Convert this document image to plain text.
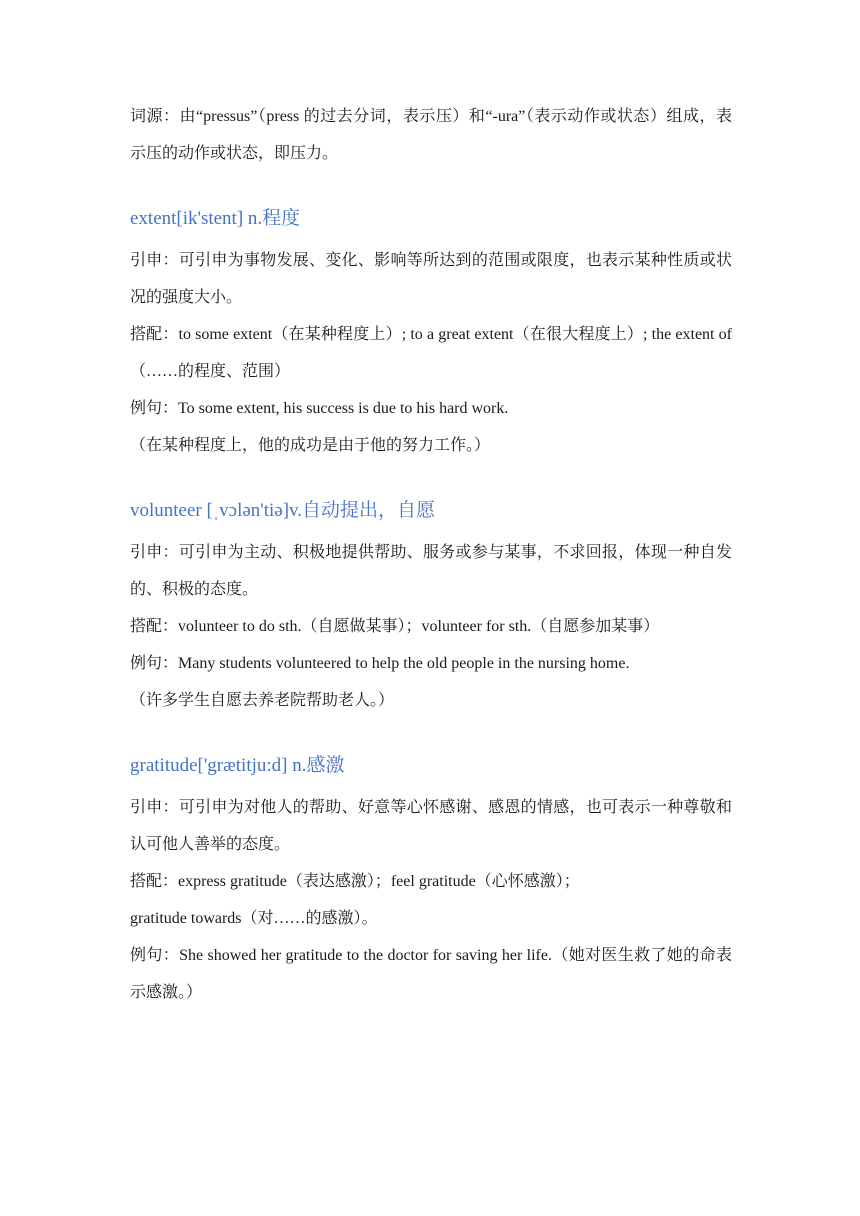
词源：由“pressus”（press 的过去分词，表示压）和“-ura”（表示动作或状态）组成，表示压的动作或状态，即压力。

extent[ik'stent] n.程度

引申：可引申为事物发展、变化、影响等所达到的范围或限度，也表示某种性质或状况的强度大小。

搭配：to some extent（在某种程度上）; to a great extent（在很大程度上）; the extent of（……的程度、范围）

例句：To some extent, his success is due to his hard work.

（在某种程度上，他的成功是由于他的努力工作。）

volunteer [ˌvɔlən'tiə]v.自动提出，自愿

引申：可引申为主动、积极地提供帮助、服务或参与某事，不求回报，体现一种自发的、积极的态度。

搭配：volunteer to do sth.（自愿做某事）；volunteer for sth.（自愿参加某事）

例句：Many students volunteered to help the old people in the nursing home.

（许多学生自愿去养老院帮助老人。）

gratitude['grætitju:d] n.感激

引申：可引申为对他人的帮助、好意等心怀感谢、感恩的情感，也可表示一种尊敬和认可他人善举的态度。

搭配：express gratitude（表达感激）；feel gratitude（心怀感激）；

gratitude towards（对……的感激）。

例句：She showed her gratitude to the doctor for saving her life.（她对医生救了她的命表示感激。）
